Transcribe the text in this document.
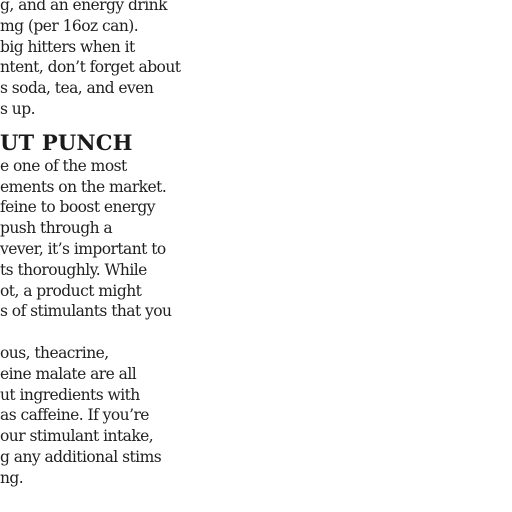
g, and an energy drink
mg (per 16oz can).
big hitters when it
ntent, don’t forget about
s soda, tea, and even
s up.
UT PUNCH
e one of the most
ements on the market.
feine to boost energy
push through a
vever, it’s important to
ts thoroughly. While
ot, a product might
s of stimulants that you
ous, theacrine,
eine malate are all
ut ingredients with
as caffeine. If you’re
our stimulant intake,
g any additional stims
ng.
